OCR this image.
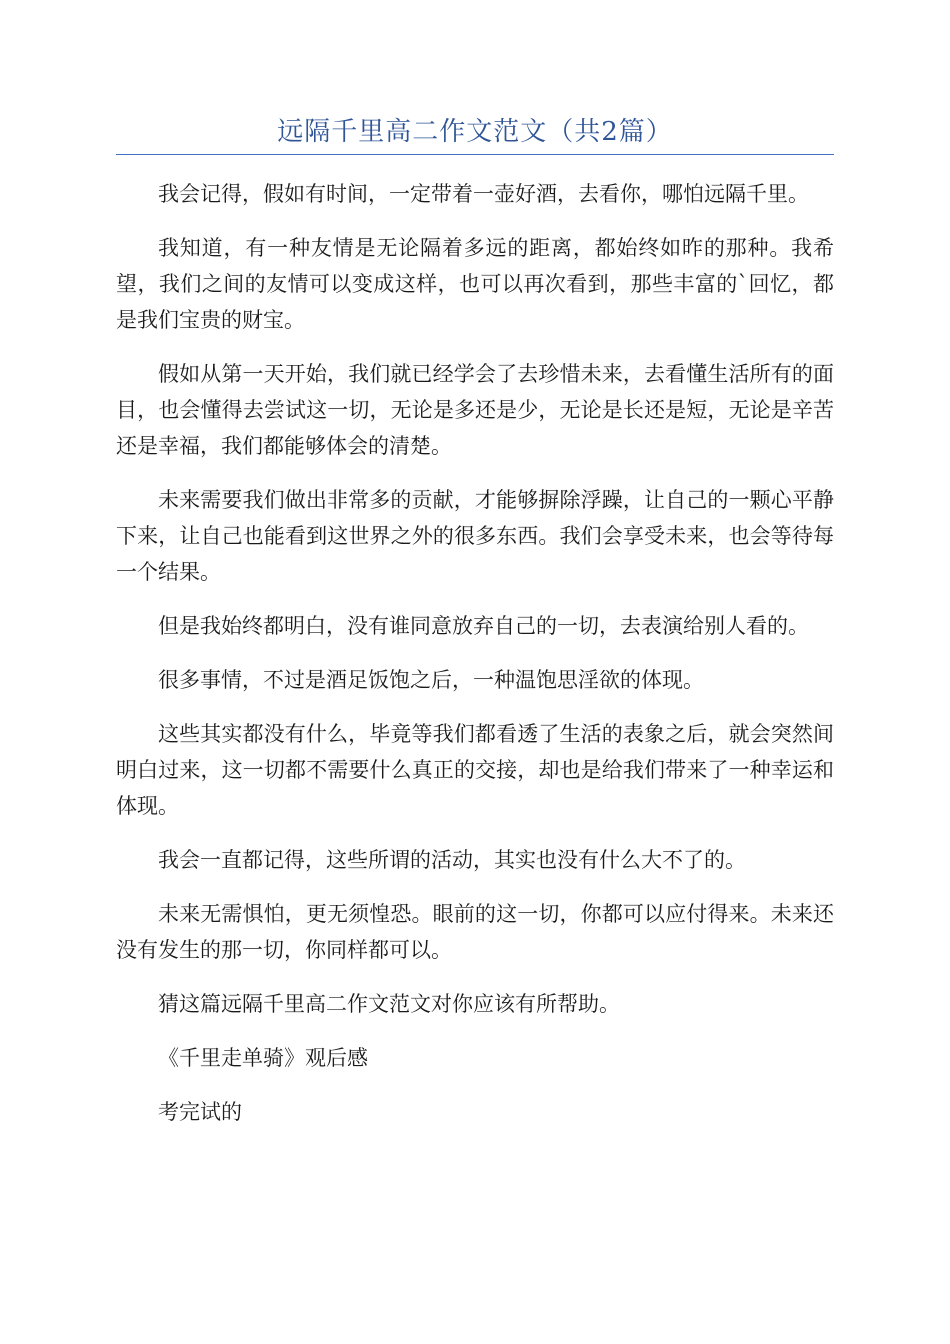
远隔千里高二作文范文（共2篇）

我会记得，假如有时间，一定带着一壶好酒，去看你，哪怕远隔千里。

我知道，有一种友情是无论隔着多远的距离，都始终如昨的那种。我希望，我们之间的友情可以变成这样，也可以再次看到，那些丰富的`回忆，都是我们宝贵的财宝。

假如从第一天开始，我们就已经学会了去珍惜未来，去看懂生活所有的面目，也会懂得去尝试这一切，无论是多还是少，无论是长还是短，无论是辛苦还是幸福，我们都能够体会的清楚。

未来需要我们做出非常多的贡献，才能够摒除浮躁，让自己的一颗心平静下来，让自己也能看到这世界之外的很多东西。我们会享受未来，也会等待每一个结果。

但是我始终都明白，没有谁同意放弃自己的一切，去表演给别人看的。

很多事情，不过是酒足饭饱之后，一种温饱思淫欲的体现。

这些其实都没有什么，毕竟等我们都看透了生活的表象之后，就会突然间明白过来，这一切都不需要什么真正的交接，却也是给我们带来了一种幸运和体现。

我会一直都记得，这些所谓的活动，其实也没有什么大不了的。

未来无需惧怕，更无须惶恐。眼前的这一切，你都可以应付得来。未来还没有发生的那一切，你同样都可以。

猜这篇远隔千里高二作文范文对你应该有所帮助。

《千里走单骑》观后感

考完试的
